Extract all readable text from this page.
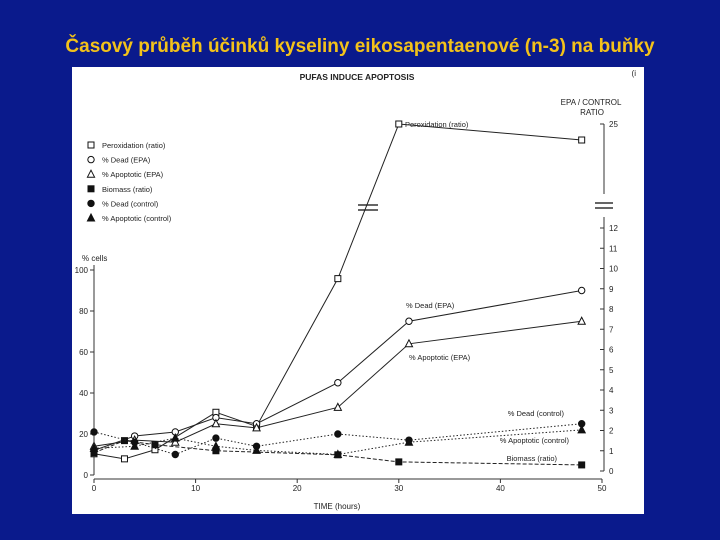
Časový průběh účinků kyseliny eikosapentaenové (n-3) na buňky
PUFAS INDUCE APOPTOSIS	(i
% cells
TIME (hours)
EPA / CONTROL RATIO
0
20
40
60
80
100
0	10	20	30	40	50
0
1
2
3
4
5
6
7
8
9
10
11
12
25
Peroxidation (ratio)
% Dead (EPA)
% Apoptotic (EPA)
Biomass (ratio)
% Dead (control)
% Apoptotic (control)
Peroxidation (ratio)
% Dead (EPA)
% Apoptotic (EPA)
Biomass (ratio)
% Dead (control)
% Apoptotic (control)
